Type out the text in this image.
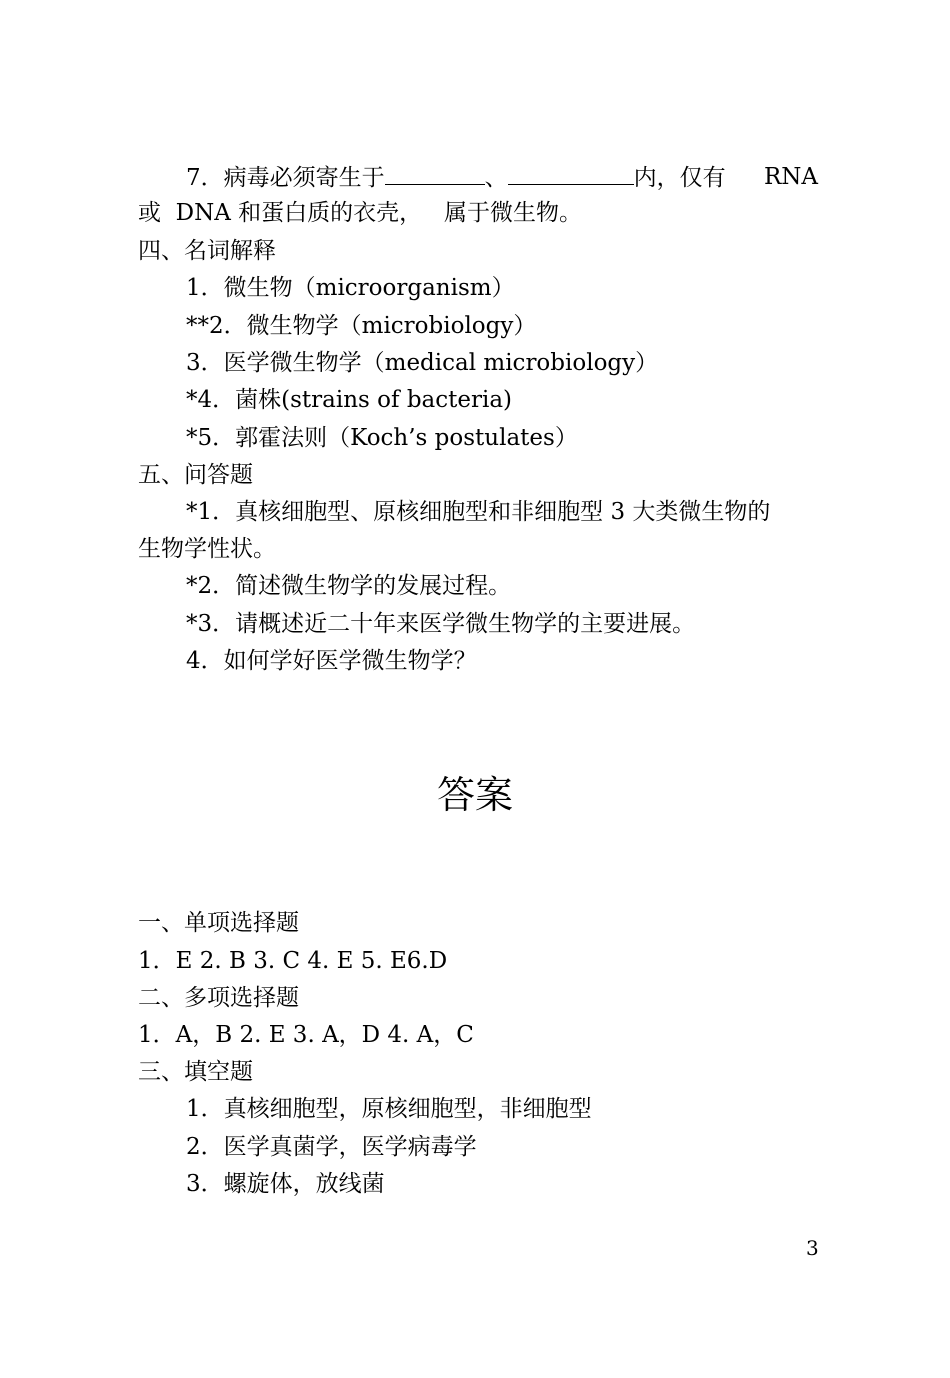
7．病毒必须寄生于	、	内，仅有 RNA
或  DNA 和蛋白质的衣壳，   属于微生物。
四、名词解释
1．微生物（microorganism）
**2．微生物学（microbiology）
3．医学微生物学（medical microbiology）
*4．菌株(strains of bacteria)
*5．郭霍法则（Koch’s postulates）
五、问答题
*1．真核细胞型、原核细胞型和非细胞型 3 大类微生物的
生物学性状。
*2．简述微生物学的发展过程。
*3．请概述近二十年来医学微生物学的主要进展。
4．如何学好医学微生物学？
答案
一、单项选择题
1．E 2. B 3. C 4. E 5. E6.D
二、多项选择题
1．A，B 2. E 3. A，D 4. A，C
三、填空题
1．真核细胞型，原核细胞型，非细胞型
2．医学真菌学，医学病毒学
3．螺旋体，放线菌
3
